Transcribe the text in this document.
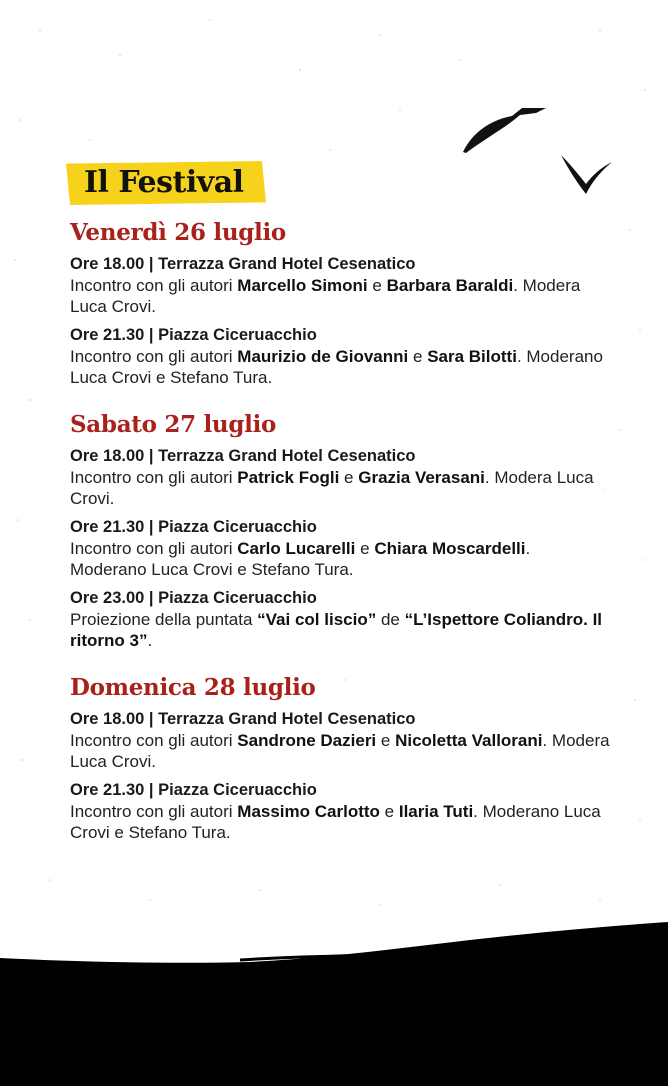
Il Festival
Venerdì 26 luglio
Ore 18.00 | Terrazza Grand Hotel Cesenatico
Incontro con gli autori Marcello Simoni e Barbara Baraldi. Modera Luca Crovi.
Ore 21.30 | Piazza Ciceruacchio
Incontro con gli autori Maurizio de Giovanni e Sara Bilotti. Moderano Luca Crovi e Stefano Tura.
Sabato 27 luglio
Ore 18.00 | Terrazza Grand Hotel Cesenatico
Incontro con gli autori Patrick Fogli e Grazia Verasani. Modera Luca Crovi.
Ore 21.30 | Piazza Ciceruacchio
Incontro con gli autori Carlo Lucarelli e Chiara Moscardelli. Moderano Luca Crovi e Stefano Tura.
Ore 23.00 | Piazza Ciceruacchio
Proiezione della puntata “Vai col liscio” de “L’Ispettore Coliandro. Il ritorno 3”.
Domenica 28 luglio
Ore 18.00 | Terrazza Grand Hotel Cesenatico
Incontro con gli autori Sandrone Dazieri e Nicoletta Vallorani. Modera Luca Crovi.
Ore 21.30 | Piazza Ciceruacchio
Incontro con gli autori Massimo Carlotto e Ilaria Tuti. Moderano Luca Crovi e Stefano Tura.
